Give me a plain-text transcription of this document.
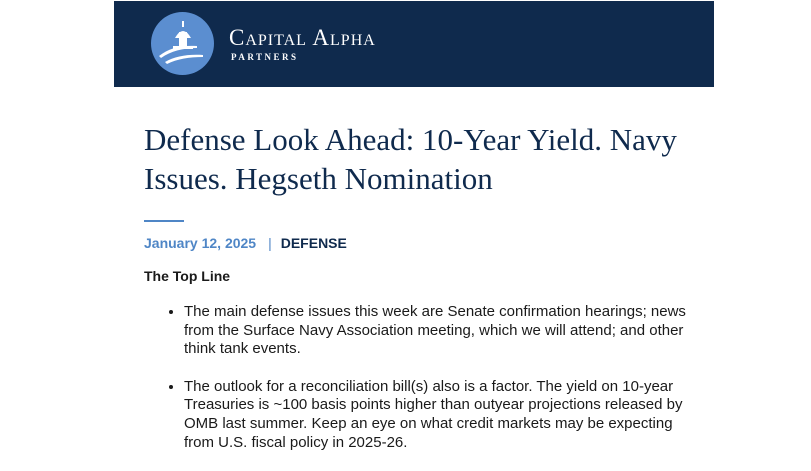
Capital Alpha
PARTNERS
Defense Look Ahead: 10-Year Yield. Navy Issues. Hegseth Nomination
January 12, 2025 | DEFENSE
The Top Line
• The main defense issues this week are Senate confirmation hearings; news from the Surface Navy Association meeting, which we will attend; and other think tank events.
• The outlook for a reconciliation bill(s) also is a factor. The yield on 10-year Treasuries is ~100 basis points higher than outyear projections released by OMB last summer. Keep an eye on what credit markets may be expecting from U.S. fiscal policy in 2025-26.
